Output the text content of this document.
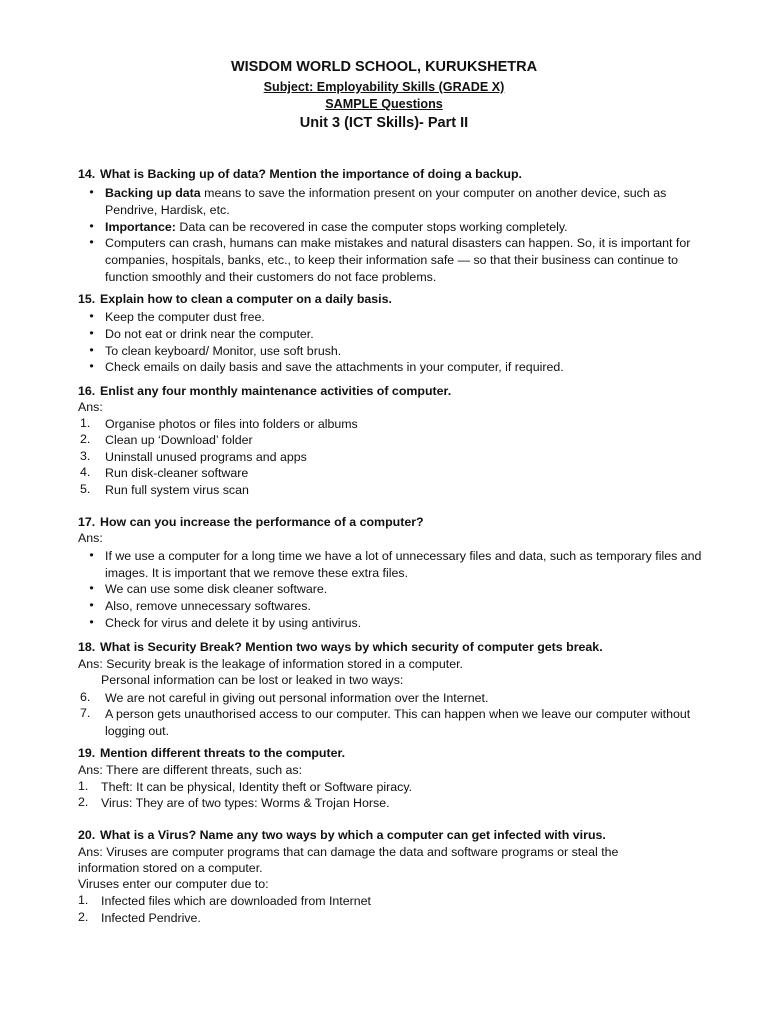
WISDOM WORLD SCHOOL, KURUKSHETRA
Subject: Employability Skills (GRADE X)
SAMPLE Questions
Unit 3 (ICT Skills)- Part II
14. What is Backing up of data? Mention the importance of doing a backup.
• Backing up data means to save the information present on your computer on another device, such as Pendrive, Hardisk, etc.
• Importance: Data can be recovered in case the computer stops working completely.
• Computers can crash, humans can make mistakes and natural disasters can happen. So, it is important for companies, hospitals, banks, etc., to keep their information safe — so that their business can continue to function smoothly and their customers do not face problems.
15. Explain how to clean a computer on a daily basis.
• Keep the computer dust free.
• Do not eat or drink near the computer.
• To clean keyboard/ Monitor, use soft brush.
• Check emails on daily basis and save the attachments in your computer, if required.
16. Enlist any four monthly maintenance activities of computer.
Ans:
1.	Organise photos or files into folders or albums
2.	Clean up ‘Download’ folder
3.	Uninstall unused programs and apps
4.	Run disk-cleaner software
5.	Run full system virus scan
17. How can you increase the performance of a computer?
Ans:
• If we use a computer for a long time we have a lot of unnecessary files and data, such as temporary files and images. It is important that we remove these extra files.
• We can use some disk cleaner software.
• Also, remove unnecessary softwares.
• Check for virus and delete it by using antivirus.
18. What is Security Break? Mention two ways by which security of computer gets break.
Ans: Security break is the leakage of information stored in a computer.
Personal information can be lost or leaked in two ways:
6.	We are not careful in giving out personal information over the Internet.
7.	A person gets unauthorised access to our computer. This can happen when we leave our computer without logging out.
19. Mention different threats to the computer.
Ans: There are different threats, such as:
1.	Theft: It can be physical, Identity theft or Software piracy.
2.	Virus: They are of two types: Worms & Trojan Horse.
20. What is a Virus? Name any two ways by which a computer can get infected with virus.
Ans: Viruses are computer programs that can damage the data and software programs or steal the
information stored on a computer.
Viruses enter our computer due to:
1.	Infected files which are downloaded from Internet
2.	Infected Pendrive.
